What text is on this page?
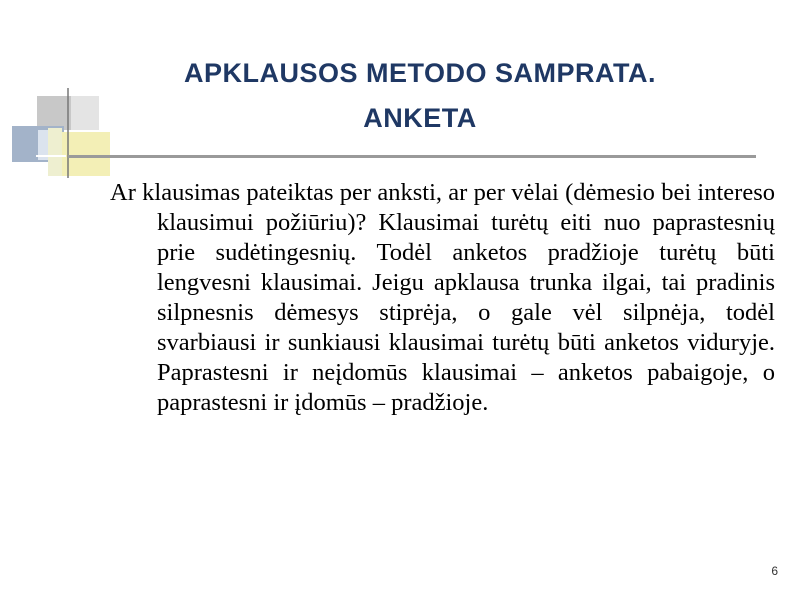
APKLAUSOS METODO SAMPRATA.
ANKETA

Ar klausimas pateiktas per anksti, ar per vėlai (dėmesio bei intereso klausimui požiūriu)? Klausimai turėtų eiti nuo paprastesnių prie sudėtingesnių. Todėl anketos pradžioje turėtų būti lengvesni klausimai. Jeigu apklausa trunka ilgai, tai pradinis silpnesnis dėmesys stiprėja, o gale vėl silpnėja, todėl svarbiausi ir sunkiausi klausimai turėtų būti anketos viduryje. Paprastesni ir neįdomūs klausimai – anketos pabaigoje, o paprastesni ir įdomūs – pradžioje.

6
